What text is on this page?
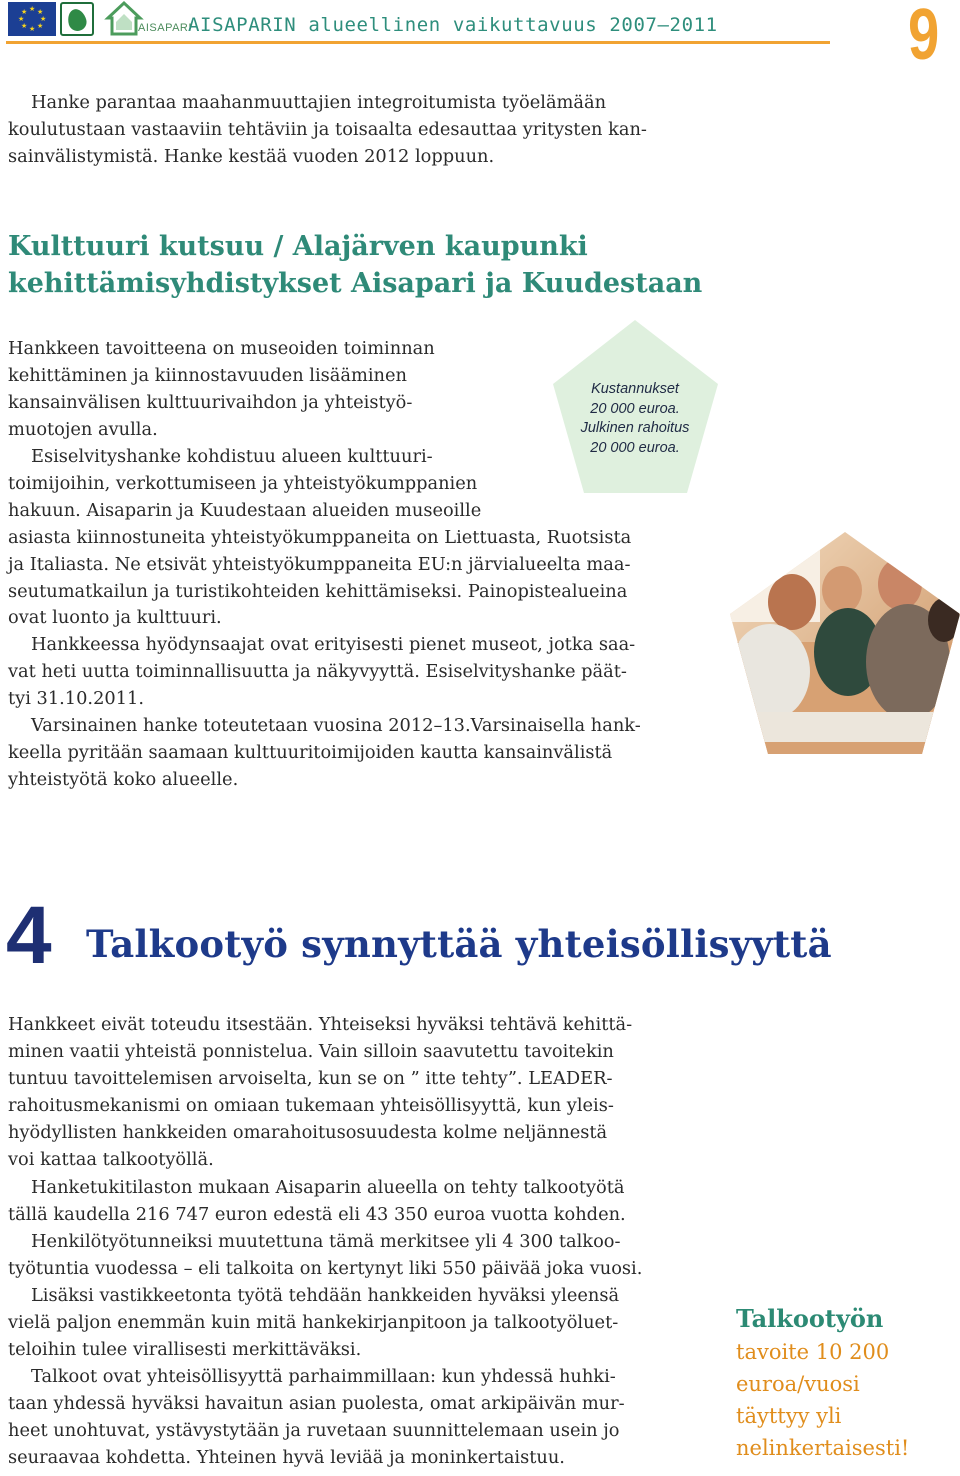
★ ★
★
★
★
★
★
★
AISAPARI
AISAPARIN alueellinen vaikuttavuus 2007–2011	9
Hanke parantaa maahanmuuttajien integroitumista työelämään
koulutustaan vastaaviin tehtäviin ja toisaalta edesauttaa yritysten kan-
sainvälistymistä. Hanke kestää vuoden 2012 loppuun.
Kulttuuri kutsuu / Alajärven kaupunki
kehittämisyhdistykset Aisapari ja Kuudestaan
Hankkeen tavoitteena on museoiden toiminnan
kehittäminen ja kiinnostavuuden lisääminen
kansainvälisen kulttuurivaihdon ja yhteistyö-
muotojen avulla.
Esiselvityshanke kohdistuu alueen kulttuuri-
toimijoihin, verkottumiseen ja yhteistyökumppanien
hakuun. Aisaparin ja Kuudestaan alueiden museoille
asiasta kiinnostuneita yhteistyökumppaneita on Liettuasta, Ruotsista
ja Italiasta. Ne etsivät yhteistyökumppaneita EU:n järvialueelta maa-
seutumatkailun ja turistikohteiden kehittämiseksi. Painopistealueina
ovat luonto ja kulttuuri.
Hankkeessa hyödynsaajat ovat erityisesti pienet museot, jotka saa-
vat heti uutta toiminnallisuutta ja näkyvyyttä. Esiselvityshanke päät-
tyi 31.10.2011.
Varsinainen hanke toteutetaan vuosina 2012–13.Varsinaisella hank-
keella pyritään saamaan kulttuuritoimijoiden kautta kansainvälistä
yhteistyötä koko alueelle.
Kustannukset
20 000 euroa.
Julkinen rahoitus
20 000 euroa.
4 Talkootyö synnyttää yhteisöllisyyttä
Hankkeet eivät toteudu itsestään. Yhteiseksi hyväksi tehtävä kehittä-
minen vaatii yhteistä ponnistelua. Vain silloin saavutettu tavoitekin
tuntuu tavoittelemisen arvoiselta, kun se on ” itte tehty”. LEADER-
rahoitusmekanismi on omiaan tukemaan yhteisöllisyyttä, kun yleis-
hyödyllisten hankkeiden omarahoitusosuudesta kolme neljännestä
voi kattaa talkootyöllä.
Hanketukitilaston mukaan Aisaparin alueella on tehty talkootyötä
tällä kaudella 216 747 euron edestä eli 43 350 euroa vuotta kohden.
Henkilötyötunneiksi muutettuna tämä merkitsee yli 4 300 talkoo-
työtuntia vuodessa – eli talkoita on kertynyt liki 550 päivää joka vuosi.
Lisäksi vastikkeetonta työtä tehdään hankkeiden hyväksi yleensä
vielä paljon enemmän kuin mitä hankekirjanpitoon ja talkootyöluet-
teloihin tulee virallisesti merkittäväksi.
Talkoot ovat yhteisöllisyyttä parhaimmillaan: kun yhdessä huhki-
taan yhdessä hyväksi havaitun asian puolesta, omat arkipäivän mur-
heet unohtuvat, ystävystytään ja ruvetaan suunnittelemaan usein jo
seuraavaa kohdetta. Yhteinen hyvä leviää ja moninkertaistuu.
Talkootyön
tavoite 10 200
euroa/vuosi
täyttyy yli
nelinkertaisesti!
